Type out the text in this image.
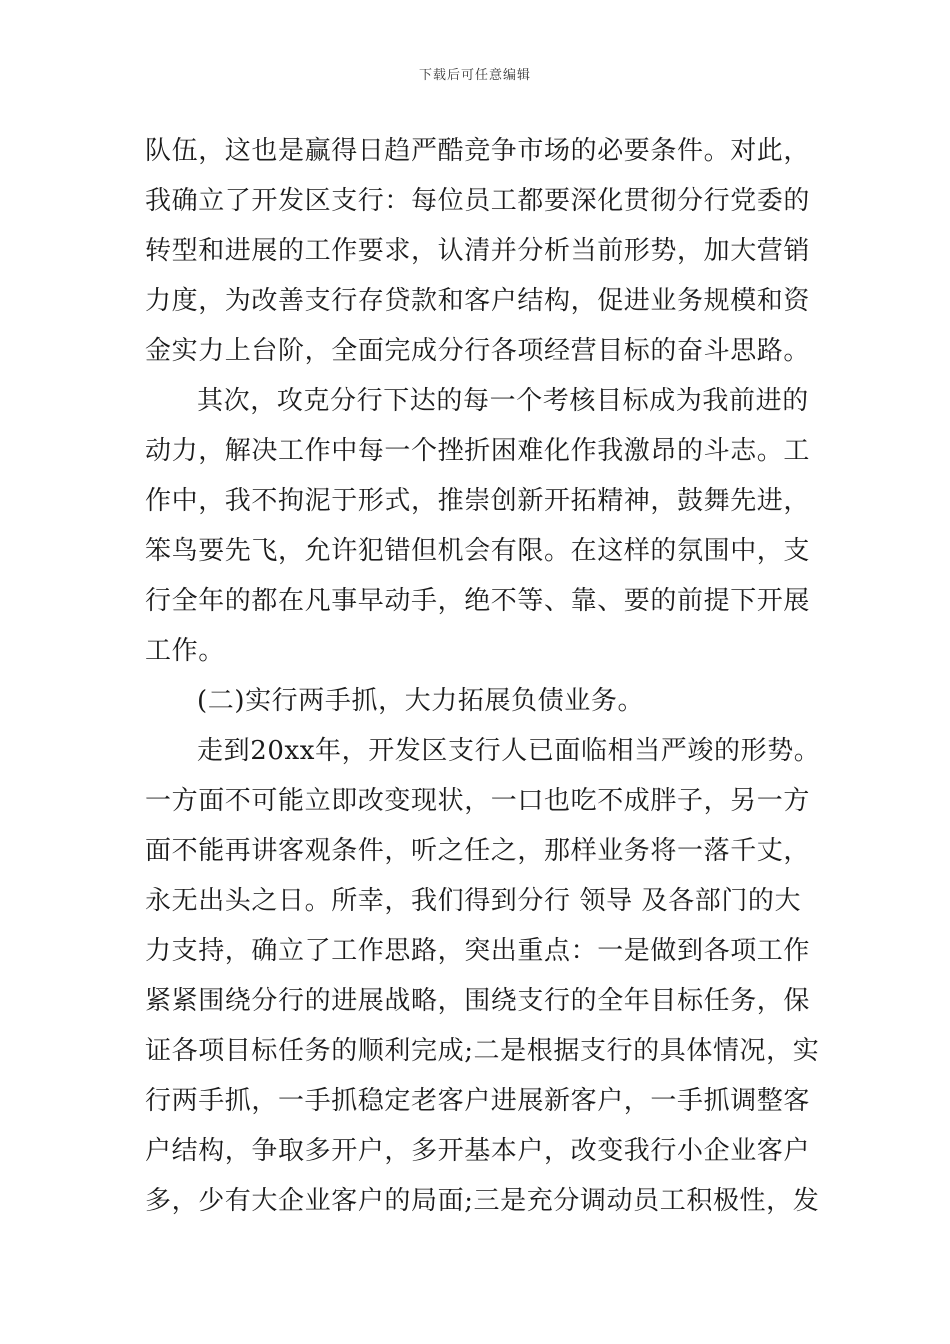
下载后可任意编辑
队伍，这也是赢得日趋严酷竞争市场的必要条件。对此，
我确立了开发区支行：每位员工都要深化贯彻分行党委的
转型和进展的工作要求，认清并分析当前形势，加大营销
力度，为改善支行存贷款和客户结构，促进业务规模和资
金实力上台阶，全面完成分行各项经营目标的奋斗思路。
其次，攻克分行下达的每一个考核目标成为我前进的
动力，解决工作中每一个挫折困难化作我激昂的斗志。工
作中，我不拘泥于形式，推崇创新开拓精神，鼓舞先进，
笨鸟要先飞，允许犯错但机会有限。在这样的氛围中，支
行全年的都在凡事早动手，绝不等、靠、要的前提下开展
工作。
(二)实行两手抓，大力拓展负债业务。
走到20xx年，开发区支行人已面临相当严竣的形势。
一方面不可能立即改变现状，一口也吃不成胖子，另一方
面不能再讲客观条件，听之任之，那样业务将一落千丈，
永无出头之日。所幸，我们得到分行 领导 及各部门的大
力支持，确立了工作思路，突出重点：一是做到各项工作
紧紧围绕分行的进展战略，围绕支行的全年目标任务，保
证各项目标任务的顺利完成;二是根据支行的具体情况，实
行两手抓，一手抓稳定老客户进展新客户，一手抓调整客
户结构，争取多开户，多开基本户，改变我行小企业客户
多，少有大企业客户的局面;三是充分调动员工积极性，发
